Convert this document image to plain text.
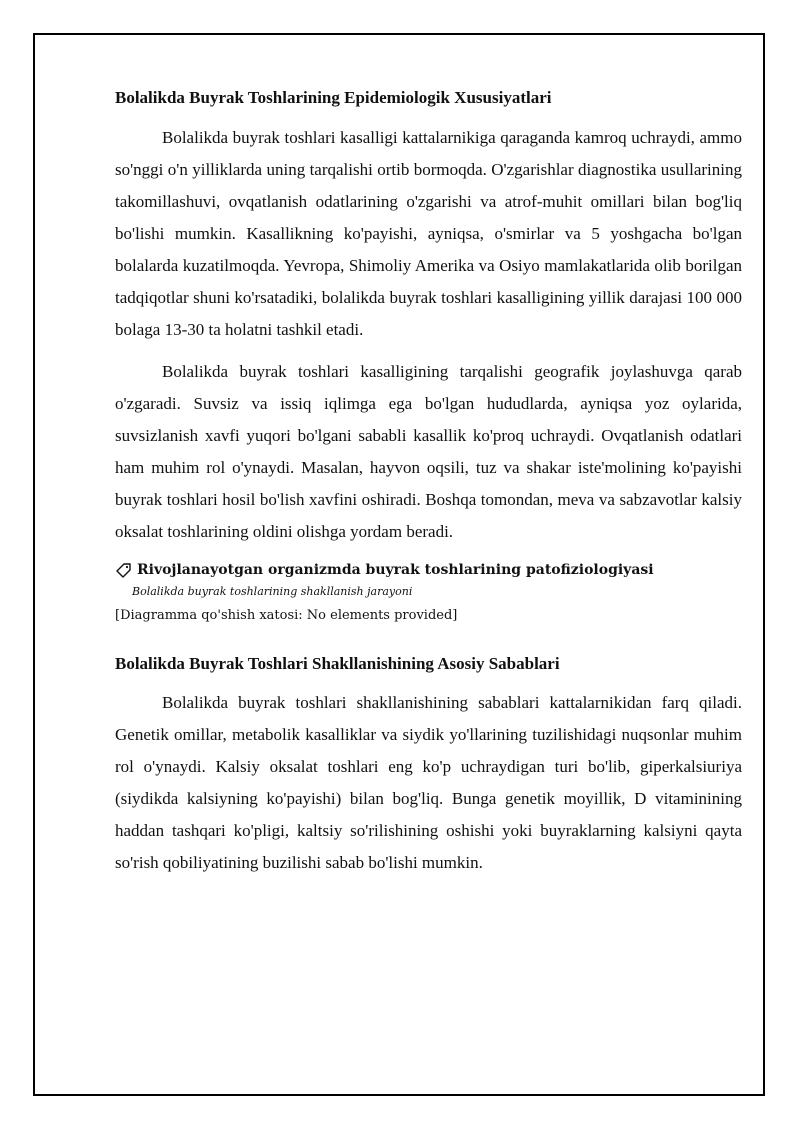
Bolalikda Buyrak Toshlarining Epidemiologik Xususiyatlari

Bolalikda buyrak toshlari kasalligi kattalarnikiga qaraganda kamroq uchraydi, ammo so'nggi o'n yilliklarda uning tarqalishi ortib bormoqda. O'zgarishlar diagnostika usullarining takomillashuvi, ovqatlanish odatlarining o'zgarishi va atrof-muhit omillari bilan bog'liq bo'lishi mumkin. Kasallikning ko'payishi, ayniqsa, o'smirlar va 5 yoshgacha bo'lgan bolalarda kuzatilmoqda. Yevropa, Shimoliy Amerika va Osiyo mamlakatlarida olib borilgan tadqiqotlar shuni ko'rsatadiki, bolalikda buyrak toshlari kasalligining yillik darajasi 100 000 bolaga 13-30 ta holatni tashkil etadi.

Bolalikda buyrak toshlari kasalligining tarqalishi geografik joylashuvga qarab o'zgaradi. Suvsiz va issiq iqlimga ega bo'lgan hududlarda, ayniqsa yoz oylarida, suvsizlanish xavfi yuqori bo'lgani sababli kasallik ko'proq uchraydi. Ovqatlanish odatlari ham muhim rol o'ynaydi. Masalan, hayvon oqsili, tuz va shakar iste'molining ko'payishi buyrak toshlari hosil bo'lish xavfini oshiradi. Boshqa tomondan, meva va sabzavotlar kalsiy oksalat toshlarining oldini olishga yordam beradi.

Rivojlanayotgan organizmda buyrak toshlarining patofiziologiyasi
Bolalikda buyrak toshlarining shakllanish jarayoni
[Diagramma qo'shish xatosi: No elements provided]
Bolalikda Buyrak Toshlari Shakllanishining Asosiy Sabablari

Bolalikda buyrak toshlari shakllanishining sabablari kattalarnikidan farq qiladi. Genetik omillar, metabolik kasalliklar va siydik yo'llarining tuzilishidagi nuqsonlar muhim rol o'ynaydi. Kalsiy oksalat toshlari eng ko'p uchraydigan turi bo'lib, giperkalsiuriya (siydikda kalsiyning ko'payishi) bilan bog'liq. Bunga genetik moyillik, D vitaminining haddan tashqari ko'pligi, kaltsiy so'rilishining oshishi yoki buyraklarning kalsiyni qayta so'rish qobiliyatining buzilishi sabab bo'lishi mumkin.
